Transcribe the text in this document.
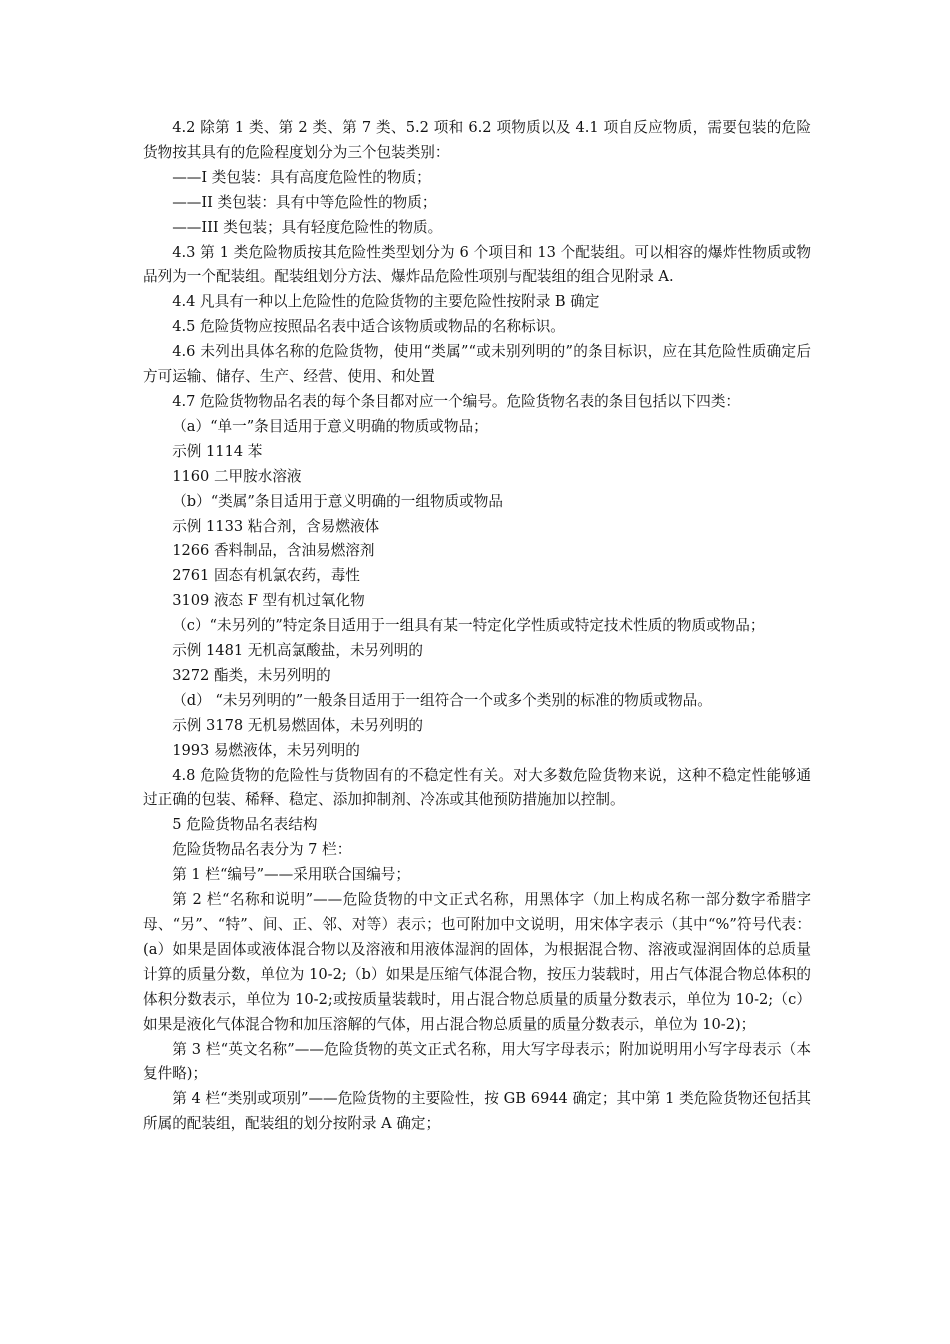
4.2 除第 1 类、第 2 类、第 7 类、5.2 项和 6.2 项物质以及 4.1 项自反应物质，需要包装的危险货物按其具有的危险程度划分为三个包装类别：

——I 类包装：具有高度危险性的物质；

——II 类包装：具有中等危险性的物质；

——III 类包装；具有轻度危险性的物质。

4.3 第 1 类危险物质按其危险性类型划分为 6 个项目和 13 个配装组。可以相容的爆炸性物质或物品列为一个配装组。配装组划分方法、爆炸品危险性项别与配装组的组合见附录 A.

4.4 凡具有一种以上危险性的危险货物的主要危险性按附录 B 确定

4.5 危险货物应按照品名表中适合该物质或物品的名称标识。

4.6 未列出具体名称的危险货物，使用“类属”“或未别列明的”的条目标识，应在其危险性质确定后方可运输、储存、生产、经营、使用、和处置

4.7 危险货物物品名表的每个条目都对应一个编号。危险货物名表的条目包括以下四类：

（a）“单一”条目适用于意义明确的物质或物品；

示例 1114 苯

1160 二甲胺水溶液

（b）“类属”条目适用于意义明确的一组物质或物品

示例 1133 粘合剂，含易燃液体

1266 香料制品，含油易燃溶剂

2761 固态有机氯农药，毒性

3109 液态 F 型有机过氧化物

（c）“未另列的”特定条目适用于一组具有某一特定化学性质或特定技术性质的物质或物品；

示例 1481 无机高氯酸盐，未另列明的

3272 酯类，未另列明的

（d） “未另列明的”一般条目适用于一组符合一个或多个类别的标准的物质或物品。

示例 3178 无机易燃固体，未另列明的

1993 易燃液体，未另列明的

4.8 危险货物的危险性与货物固有的不稳定性有关。对大多数危险货物来说，这种不稳定性能够通过正确的包装、稀释、稳定、添加抑制剂、冷冻或其他预防措施加以控制。

5 危险货物品名表结构

危险货物品名表分为 7 栏：

第 1 栏“编号”——采用联合国编号；

第 2 栏“名称和说明”——危险货物的中文正式名称，用黑体字（加上构成名称一部分数字希腊字母、“另”、“特”、间、正、邻、对等）表示；也可附加中文说明，用宋体字表示（其中“%”符号代表：(a）如果是固体或液体混合物以及溶液和用液体湿润的固体，为根据混合物、溶液或湿润固体的总质量计算的质量分数，单位为 10-2;（b）如果是压缩气体混合物，按压力装载时，用占气体混合物总体积的体积分数表示，单位为 10-2;或按质量装载时，用占混合物总质量的质量分数表示，单位为 10-2;（c）如果是液化气体混合物和加压溶解的气体，用占混合物总质量的质量分数表示，单位为 10-2)；

第 3 栏“英文名称”——危险货物的英文正式名称，用大写字母表示；附加说明用小写字母表示（本复件略)；

第 4 栏“类别或项别”——危险货物的主要险性，按 GB 6944 确定；其中第 1 类危险货物还包括其所属的配装组，配装组的划分按附录 A 确定；
